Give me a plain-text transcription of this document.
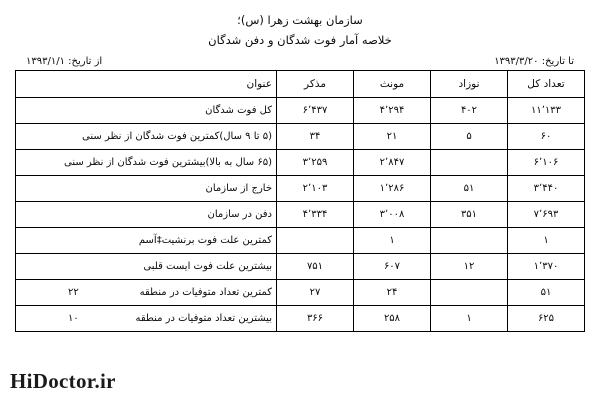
سازمان بهشت زهرا (س)؛
خلاصه آمار فوت شدگان و دفن شدگان
تا تاریخ: ۱۳۹۳/۳/۲۰
از تاریخ: ۱۳۹۳/۱/۱
تعداد کل	نوزاد	مونث	مذکر	عنوان
۱۱٬۱۳۳	۴۰۲	۴٬۲۹۴	۶٬۴۳۷	کل فوت شدگان
۶۰	۵	۲۱	۳۴	(۵ تا ۹ سال)کمترین فوت شدگان از نظر سنی
۶٬۱۰۶		۲٬۸۴۷	۳٬۲۵۹	(۶۵ سال به بالا)بیشترین فوت شدگان از نظر سنی
۳٬۴۴۰	۵۱	۱٬۲۸۶	۲٬۱۰۳	خارج از سازمان
۷٬۶۹۳	۳۵۱	۳٬۰۰۸	۴٬۳۳۴	دفن در سازمان
۱		۱		کمترین علت فوت برنشیت‡آسم
۱٬۳۷۰	۱۲	۶۰۷	۷۵۱	بیشترین علت فوت ایست قلبی
۵۱		۲۴	۲۷	۲۲ کمترین تعداد متوفیات در منطقه
۶۲۵	۱	۲۵۸	۳۶۶	۱۰ بیشترین تعداد متوفیات در منطقه
HiDoctor.ir
